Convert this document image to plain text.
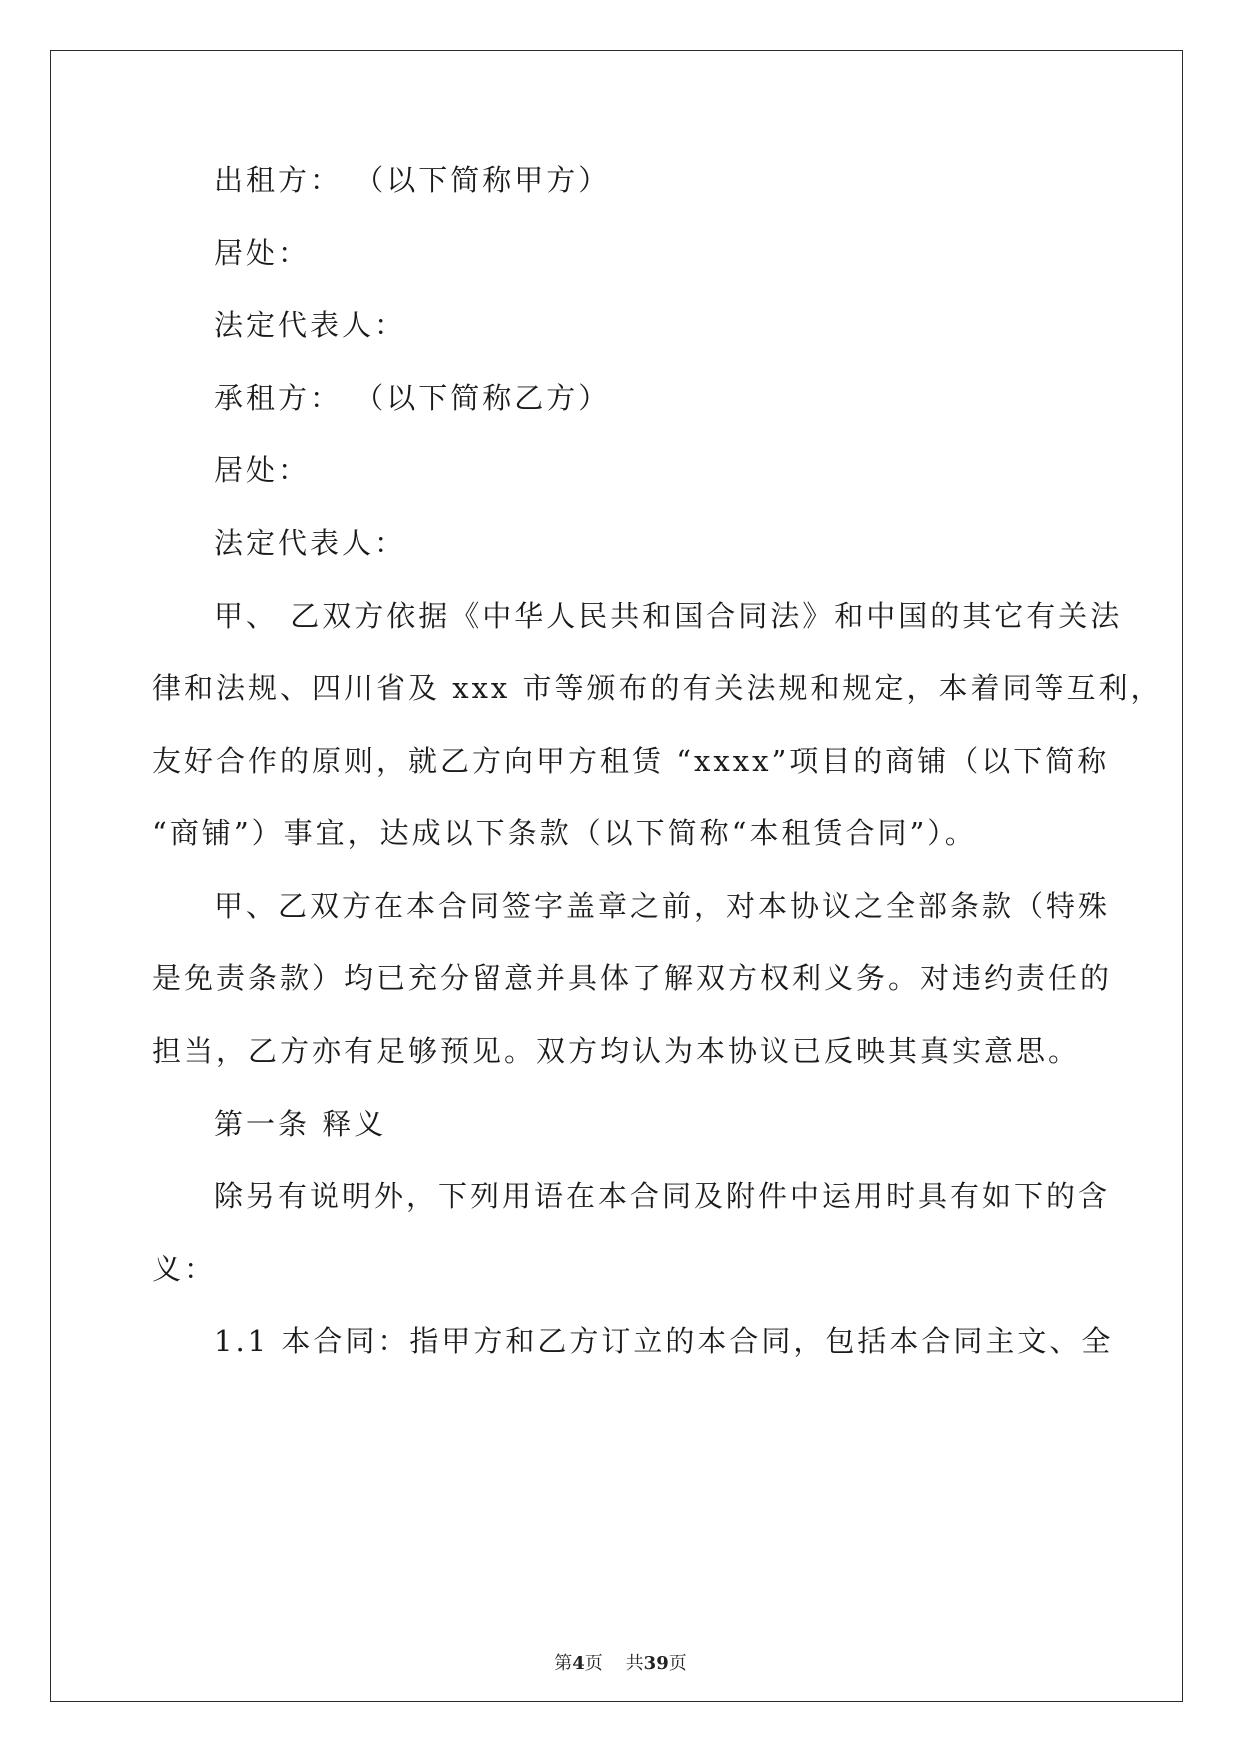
出租方： （以下简称甲方）
居处：
法定代表人：
承租方： （以下简称乙方）
居处：
法定代表人：
甲、 乙双方依据《中华人民共和国合同法》和中国的其它有关法
律和法规、四川省及 xxx 市等颁布的有关法规和规定，本着同等互利，
友好合作的原则，就乙方向甲方租赁 “xxxx”项目的商铺（以下简称
“商铺”）事宜，达成以下条款（以下简称“本租赁合同”）。
甲、乙双方在本合同签字盖章之前，对本协议之全部条款（特殊
是免责条款）均已充分留意并具体了解双方权利义务。对违约责任的
担当，乙方亦有足够预见。双方均认为本协议已反映其真实意思。
第一条 释义
除另有说明外，下列用语在本合同及附件中运用时具有如下的含
义：
1.1 本合同：指甲方和乙方订立的本合同，包括本合同主文、全
第4页 共39页
